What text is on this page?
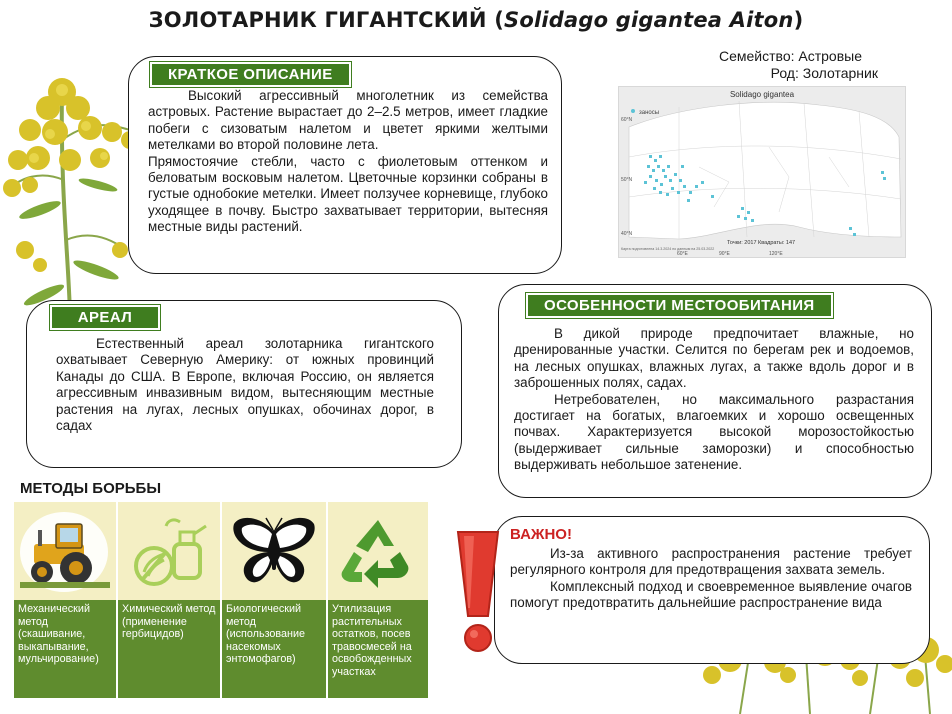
ЗОЛОТАРНИК ГИГАНТСКИЙ (Solidago gigantea Aiton)
КРАТКОЕ ОПИСАНИЕ

Высокий агрессивный многолетник из семейства астровых. Растение вырастает до 2–2.5 метров, имеет гладкие побеги с сизоватым налетом и цветет яркими желтыми метелками во второй половине лета.

Прямостоячие стебли, часто с фиолетовым оттенком и беловатым восковым налетом. Цветочные корзинки собраны в густые однобокие метелки. Имеет ползучее корневище, глубоко уходящее в почву. Быстро захватывает территории, вытесняя местные виды растений.

Семейство: Астровые
Род: Золотарник
заносы
Solidago gigantea
60°N
50°N
40°N
60°E	90°E	120°E
Точки: 2017 Квадраты: 147
Карта подготовлена 14.3.2024 по данным на 25.03.2022
АРЕАЛ

Естественный ареал золотарника гигантского охватывает Северную Америку: от южных провинций Канады до США. В Европе, включая Россию, он является агрессивным инвазивным видом, вытесняющим местные растения на лугах, лесных опушках, обочинах дорог, в садах

ОСОБЕННОСТИ МЕСТООБИТАНИЯ

В дикой природе предпочитает влажные, но дренированные участки. Селится по берегам рек и водоемов, на лесных опушках, влажных лугах, а также вдоль дорог и в заброшенных полях, садах.

Нетребователен, но максимального разрастания достигает на богатых, влагоемких и хорошо освещенных почвах. Характеризуется высокой морозостойкостью (выдерживает сильные заморозки) и способностью выдерживать небольшое затенение.

МЕТОДЫ БОРЬБЫ
Механический метод (скашивание, выкапывание, мульчирование)
Химический метод (применение гербицидов)
Биологический метод (использование насекомых энтомофагов)
Утилизация растительных остатков, посев травосмесей на освобожденных участках
ВАЖНО!

Из-за активного распространения растение требует регулярного контроля для предотвращения захвата земель.

Комплексный подход и своевременное выявление очагов помогут предотвратить дальнейшие распространение вида
